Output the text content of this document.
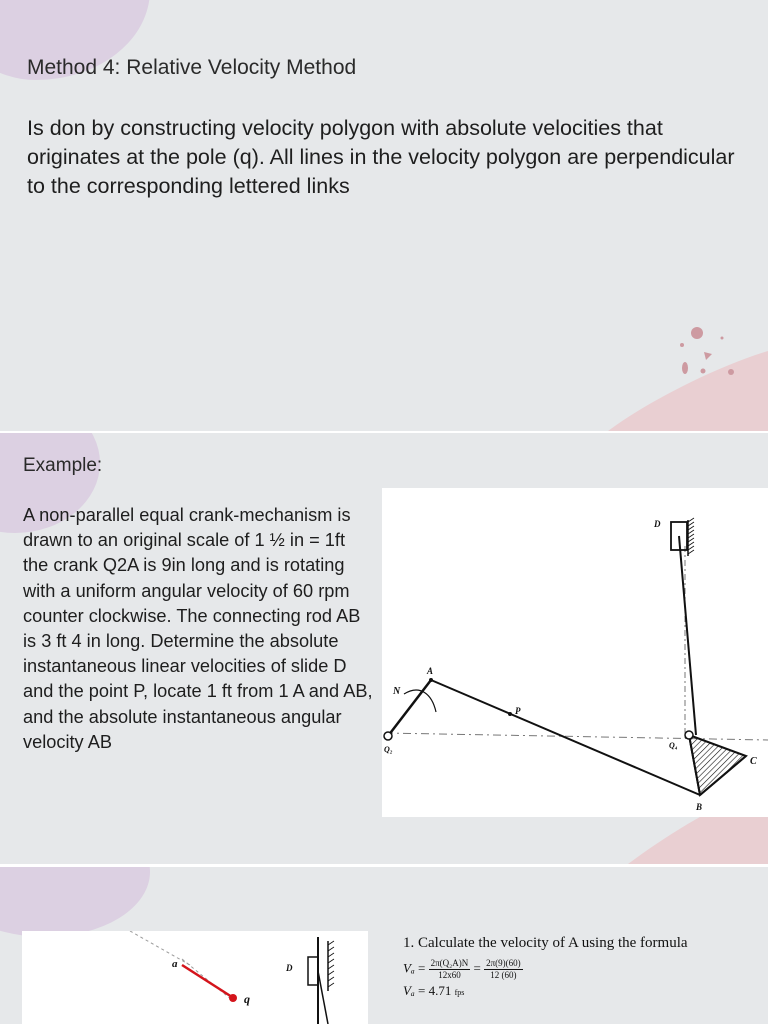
Method 4: Relative Velocity Method

Is don by constructing velocity polygon with absolute velocities that originates at the pole (q). All lines in the velocity polygon are perpendicular to the corresponding lettered links

Example:

A non-parallel equal crank-mechanism is drawn to an original scale of 1 ½ in = 1ft the crank Q2A is 9in long and is rotating with a uniform angular velocity of 60 rpm counter clockwise. The connecting rod AB is 3 ft 4 in long. Determine the absolute instantaneous linear velocities of slide D and the point P, locate 1 ft from 1 A and AB, and the absolute instantaneous angular velocity AB

D
N
A
P
Q₂	Q₄
C
B
a
q
D
1. Calculate the velocity of A using the formula
$V_a = \frac{\text{2π(Q₂A)N}}{12x60} = \frac{2\pi(9)(60)}{12 (60)}$
Vₐ = 4.71 fps
